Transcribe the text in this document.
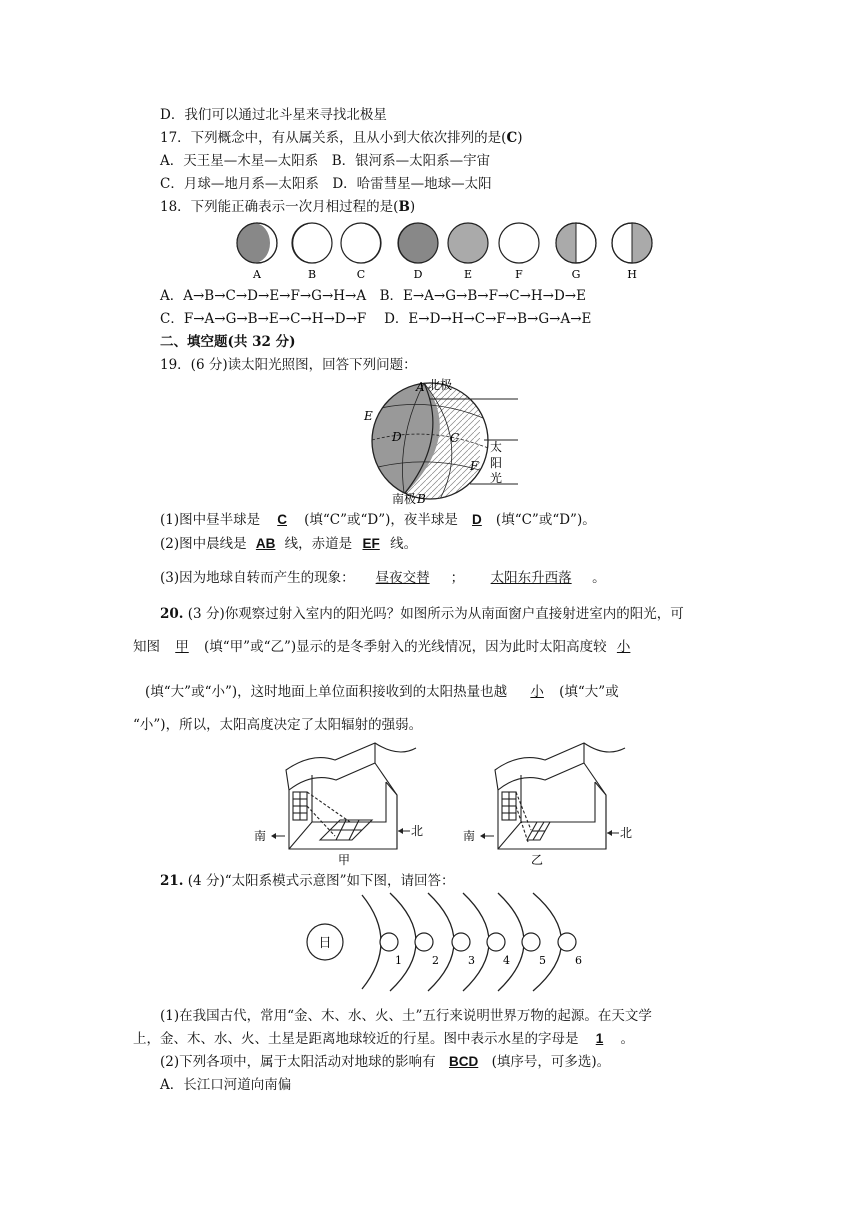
D．我们可以通过北斗星来寻找北极星
17．下列概念中，有从属关系，且从小到大依次排列的是(C)
A．天王星—木星—太阳系　B．银河系—太阳系—宇宙
C．月球—地月系—太阳系　D．哈雷彗星—地球—太阳
18．下列能正确表示一次月相过程的是(B)
A	B	C	D	E	F	G	H
A．A→B→C→D→E→F→G→H→A　B．E→A→G→B→F→C→H→D→E
C．F→A→G→B→E→C→H→D→F　 D．E→D→H→C→F→B→G→A→E
二、填空题(共 32 分)
19．(6 分)读太阳光照图，回答下列问题：
北极
A
E
D	C
F
南极 B
太
阳
光
(1)图中昼半球是 C (填“C”或“D”)，夜半球是 D (填“C”或“D”)。
(2)图中晨线是 AB 线，赤道是 EF 线。
(3)因为地球自转而产生的现象： 昼夜交替 ； 太阳东升西落 。
20. (3 分)你观察过射入室内的阳光吗？如图所示为从南面窗户直接射进室内的阳光，可
知图 甲 (填“甲”或“乙”)显示的是冬季射入的光线情况，因为此时太阳高度较 小
(填“大”或“小”)，这时地面上单位面积接收到的太阳热量也越 小 (填“大”或
“小”)，所以，太阳高度决定了太阳辐射的强弱。
南	北
甲
南	北
乙
21. (4 分)“太阳系模式示意图”如下图，请回答：
日
1	2	3	4	5	6
(1)在我国古代，常用“金、木、水、火、土”五行来说明世界万物的起源。在天文学
上，金、木、水、火、土星是距离地球较近的行星。图中表示水星的字母是 1 。
(2)下列各项中，属于太阳活动对地球的影响有 BCD (填序号，可多选)。
A．长江口河道向南偏
